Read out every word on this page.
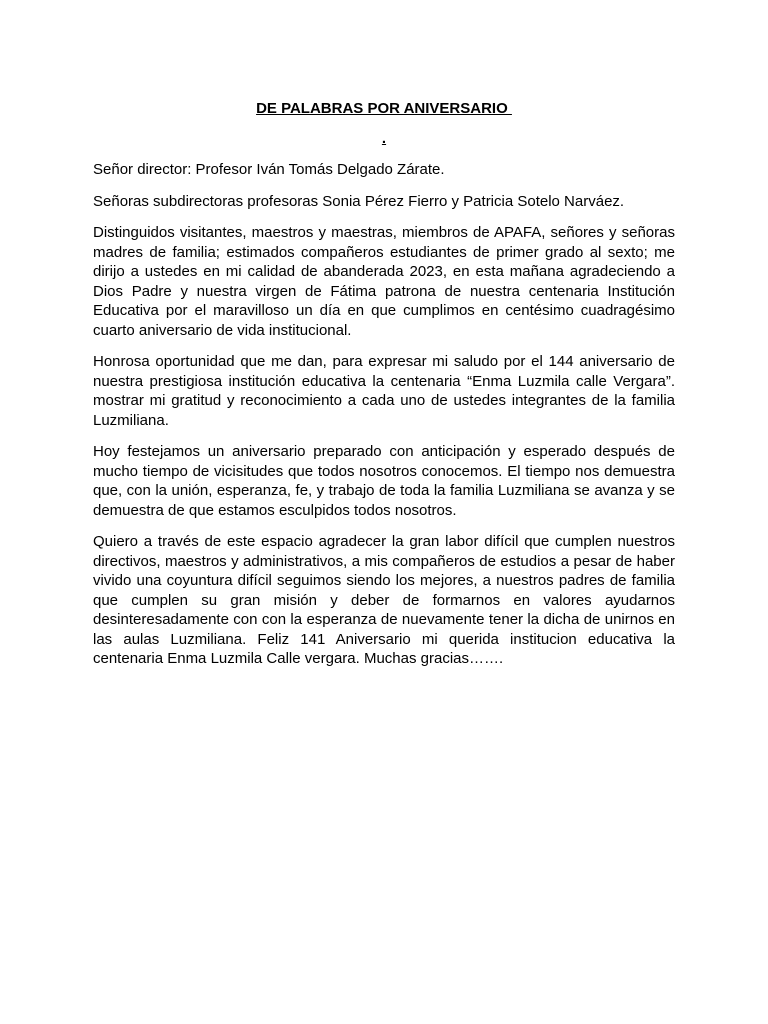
DE PALABRAS POR ANIVERSARIO

.

Señor director: Profesor Iván Tomás Delgado Zárate.

Señoras subdirectoras profesoras Sonia Pérez Fierro y Patricia Sotelo Narváez.

Distinguidos visitantes, maestros y maestras, miembros de APAFA, señores y señoras madres de familia; estimados compañeros estudiantes de primer grado al sexto; me dirijo a ustedes en mi calidad de abanderada 2023, en esta mañana agradeciendo a Dios Padre y nuestra virgen de Fátima patrona de nuestra centenaria Institución Educativa por el maravilloso un día en que cumplimos en centésimo cuadragésimo cuarto aniversario de vida institucional.

Honrosa oportunidad que me dan, para expresar mi saludo por el 144 aniversario de nuestra prestigiosa institución educativa la centenaria “Enma Luzmila calle Vergara”. mostrar mi gratitud y reconocimiento a cada uno de ustedes integrantes de la familia Luzmiliana.

Hoy festejamos un aniversario preparado con anticipación y esperado después de mucho tiempo de vicisitudes que todos nosotros conocemos. El tiempo nos demuestra que, con la unión, esperanza, fe, y trabajo de toda la familia Luzmiliana se avanza y se demuestra de que estamos esculpidos todos nosotros.

Quiero a través de este espacio agradecer la gran labor difícil que cumplen nuestros directivos, maestros y administrativos, a mis compañeros de estudios a pesar de haber vivido una coyuntura difícil seguimos siendo los mejores, a nuestros padres de familia que cumplen su gran misión y deber de formarnos en valores ayudarnos desinteresadamente con con la esperanza de nuevamente tener la dicha de unirnos en las aulas Luzmiliana. Feliz 141 Aniversario mi querida institucion educativa la centenaria Enma Luzmila Calle vergara. Muchas gracias…….
